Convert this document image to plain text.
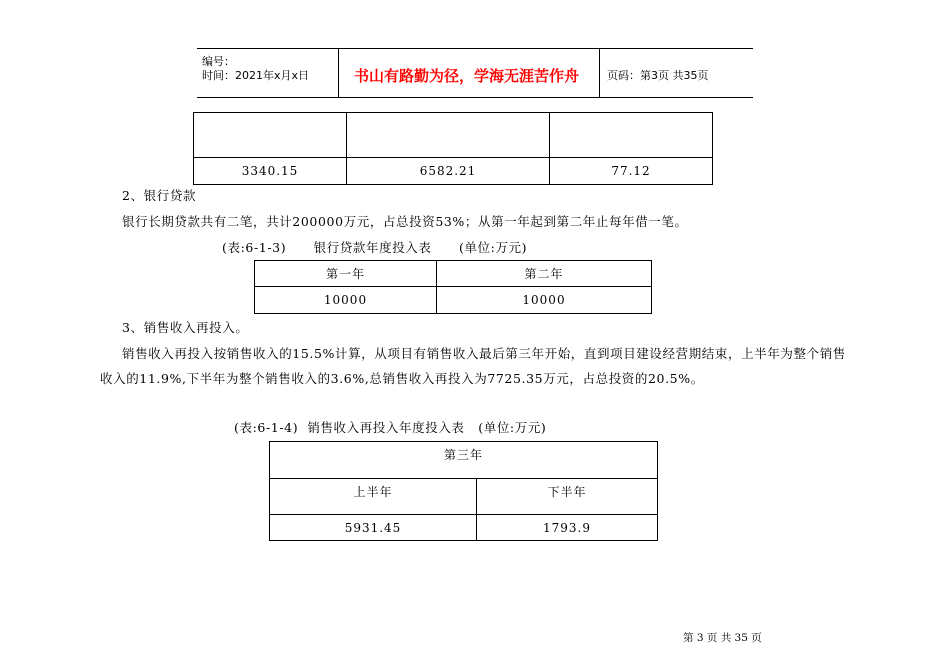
编号：
时间：2021年x月x日	书山有路勤为径，学海无涯苦作舟	页码：第3页 共35页

3340.15	6582.21	77.12
2、银行贷款
银行长期贷款共有二笔，共计200000万元，占总投资53%；从第一年起到第二年止每年借一笔。
(表:6-1-3)      银行贷款年度投入表      (单位:万元)
第一年	第二年
10000	10000
3、销售收入再投入。
销售收入再投入按销售收入的15.5%计算，从项目有销售收入最后第三年开始，直到项目建设经营期结束，上半年为整个销售
收入的11.9%,下半年为整个销售收入的3.6%,总销售收入再投入为7725.35万元，占总投资的20.5%。
(表:6-1-4)  销售收入再投入年度投入表   (单位:万元)
第三年	
上半年	下半年
5931.45	1793.9
第 3 页 共 35 页
